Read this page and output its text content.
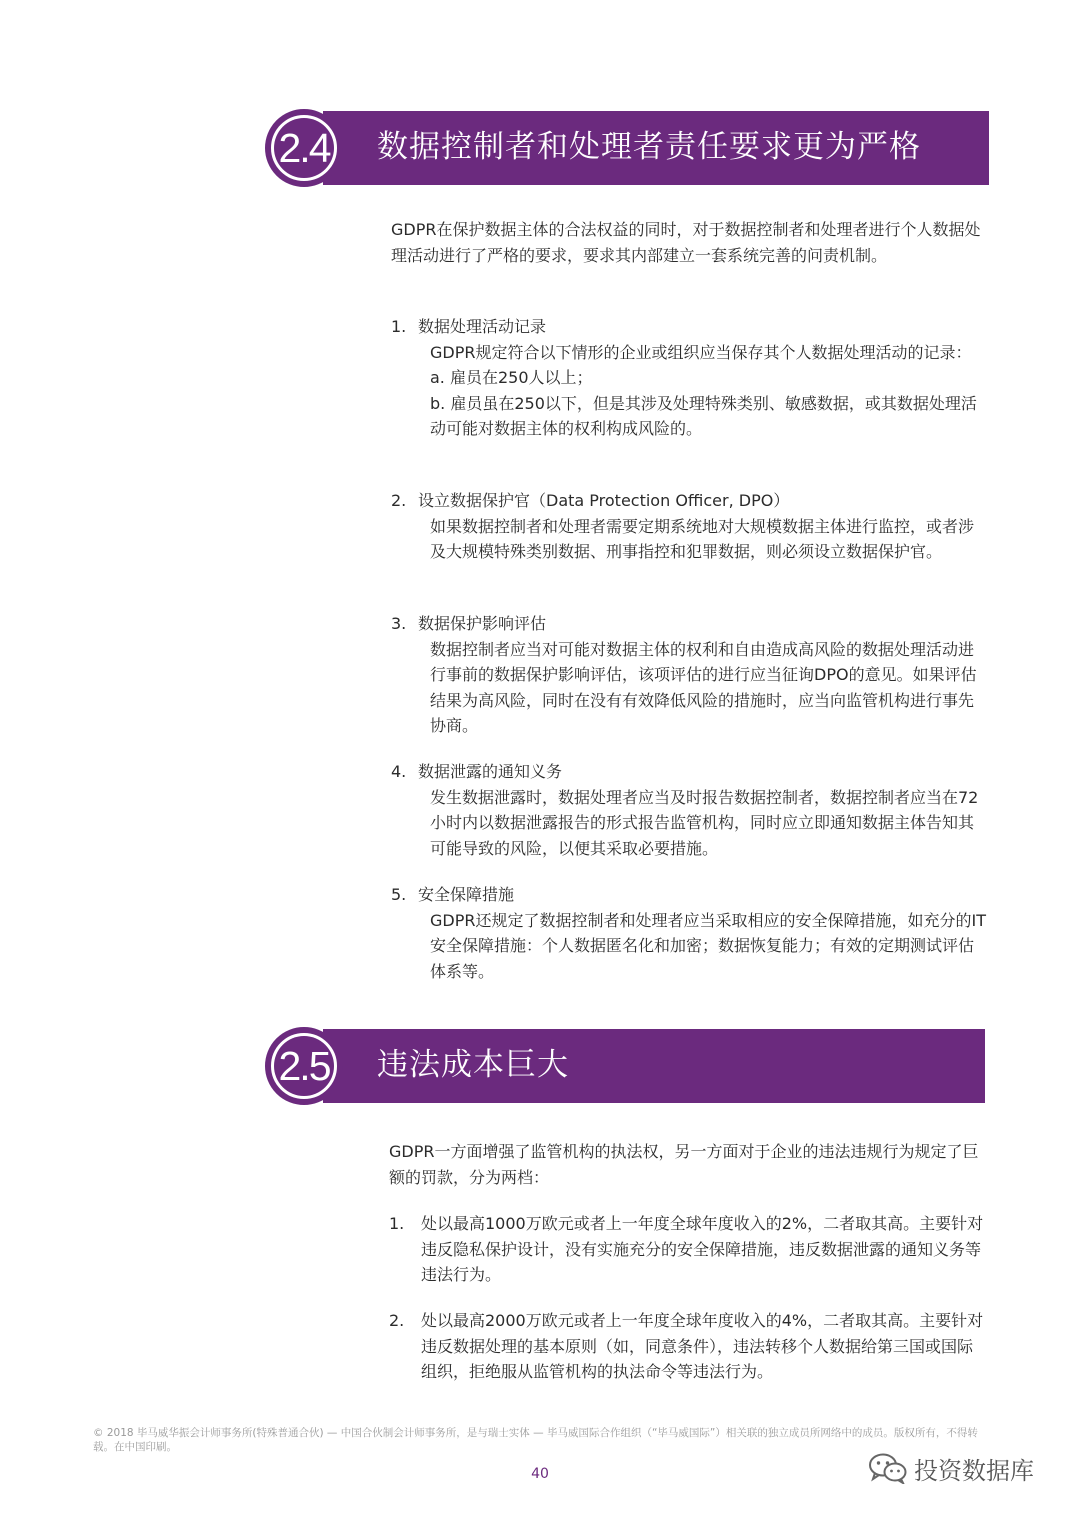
2.4 数据控制者和处理者责任要求更为严格
GDPR在保护数据主体的合法权益的同时，对于数据控制者和处理者进行个人数据处理活动进行了严格的要求，要求其内部建立一套系统完善的问责机制。
1. 数据处理活动记录
GDPR规定符合以下情形的企业或组织应当保存其个人数据处理活动的记录：
a. 雇员在250人以上；
b. 雇员虽在250以下，但是其涉及处理特殊类别、敏感数据，或其数据处理活动可能对数据主体的权利构成风险的。
2. 设立数据保护官（Data Protection Officer, DPO）
如果数据控制者和处理者需要定期系统地对大规模数据主体进行监控，或者涉及大规模特殊类别数据、刑事指控和犯罪数据，则必须设立数据保护官。
3. 数据保护影响评估
数据控制者应当对可能对数据主体的权利和自由造成高风险的数据处理活动进行事前的数据保护影响评估，该项评估的进行应当征询DPO的意见。如果评估结果为高风险，同时在没有有效降低风险的措施时，应当向监管机构进行事先协商。
4. 数据泄露的通知义务
发生数据泄露时，数据处理者应当及时报告数据控制者，数据控制者应当在72小时内以数据泄露报告的形式报告监管机构，同时应立即通知数据主体告知其可能导致的风险，以便其采取必要措施。
5. 安全保障措施
GDPR还规定了数据控制者和处理者应当采取相应的安全保障措施，如充分的IT安全保障措施：个人数据匿名化和加密；数据恢复能力；有效的定期测试评估体系等。
2.5 违法成本巨大
GDPR一方面增强了监管机构的执法权，另一方面对于企业的违法违规行为规定了巨额的罚款，分为两档：
1.	处以最高1000万欧元或者上一年度全球年度收入的2%，二者取其高。主要针对违反隐私保护设计，没有实施充分的安全保障措施，违反数据泄露的通知义务等违法行为。
2.	处以最高2000万欧元或者上一年度全球年度收入的4%，二者取其高。主要针对违反数据处理的基本原则（如，同意条件），违法转移个人数据给第三国或国际组织，拒绝服从监管机构的执法命令等违法行为。
© 2018 毕马威华振会计师事务所(特殊普通合伙) — 中国合伙制会计师事务所，是与瑞士实体 — 毕马威国际合作组织（“毕马威国际”）相关联的独立成员所网络中的成员。版权所有，不得转载。在中国印刷。
40	投资数据库
